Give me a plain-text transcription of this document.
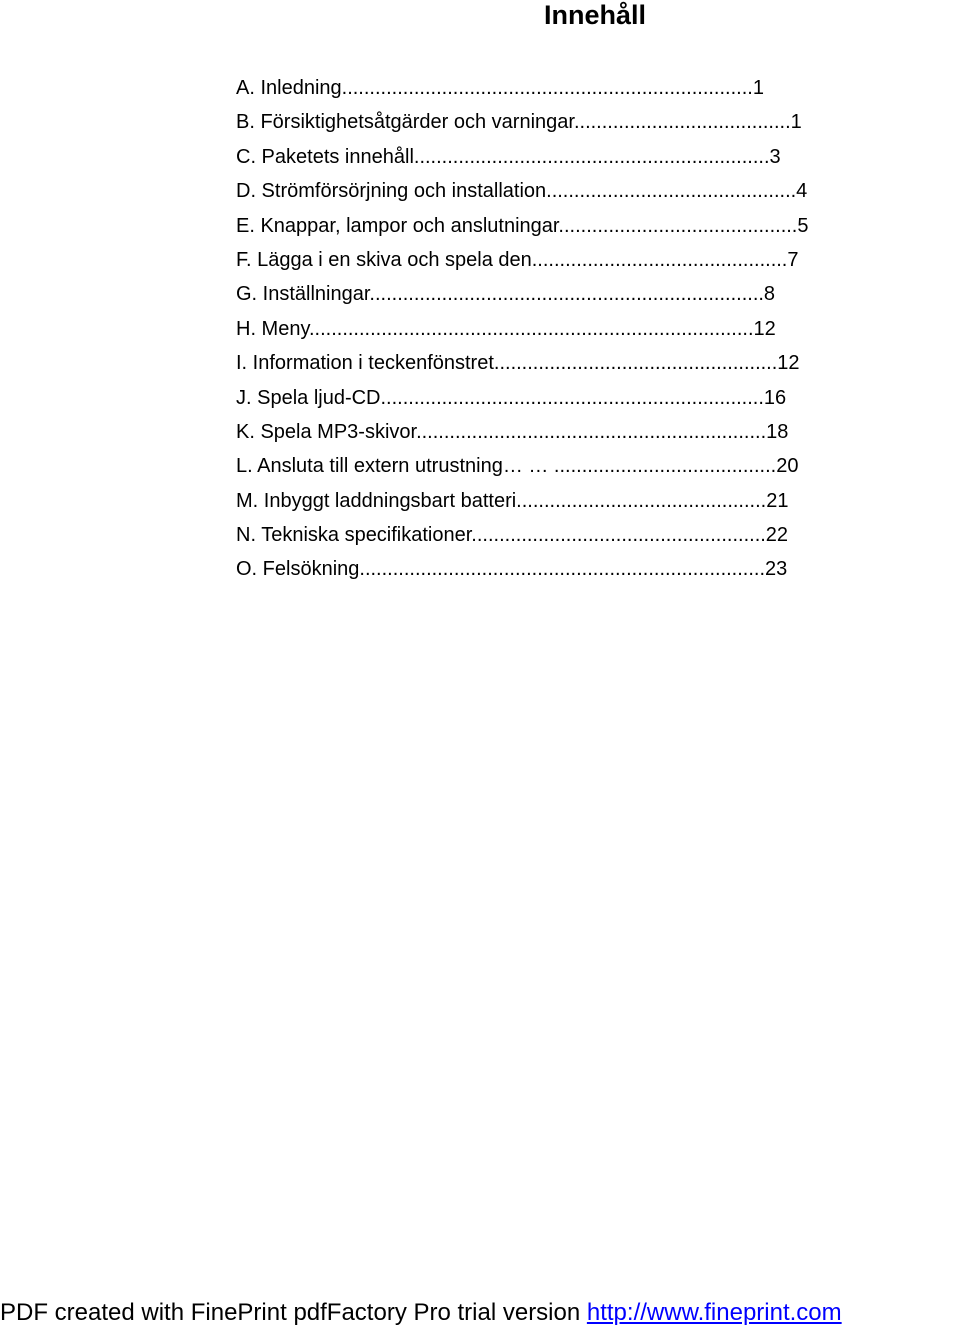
Innehåll
A. Inledning..........................................................................1
B. Försiktighetsåtgärder och varningar.......................................1
C. Paketets innehåll................................................................3
D. Strömförsörjning och installation.............................................4
E. Knappar, lampor och anslutningar...........................................5
F. Lägga i en skiva och spela den..............................................7
G. Inställningar.......................................................................8
H. Meny................................................................................12
I. Information i teckenfönstret...................................................12
J. Spela ljud-CD.....................................................................16
K. Spela MP3-skivor...............................................................18
L. Ansluta till extern utrustning… … ........................................20
M. Inbyggt laddningsbart batteri.............................................21
N. Tekniska specifikationer.....................................................22
O. Felsökning.........................................................................23
PDF created with FinePrint pdfFactory Pro trial version http://www.fineprint.com
